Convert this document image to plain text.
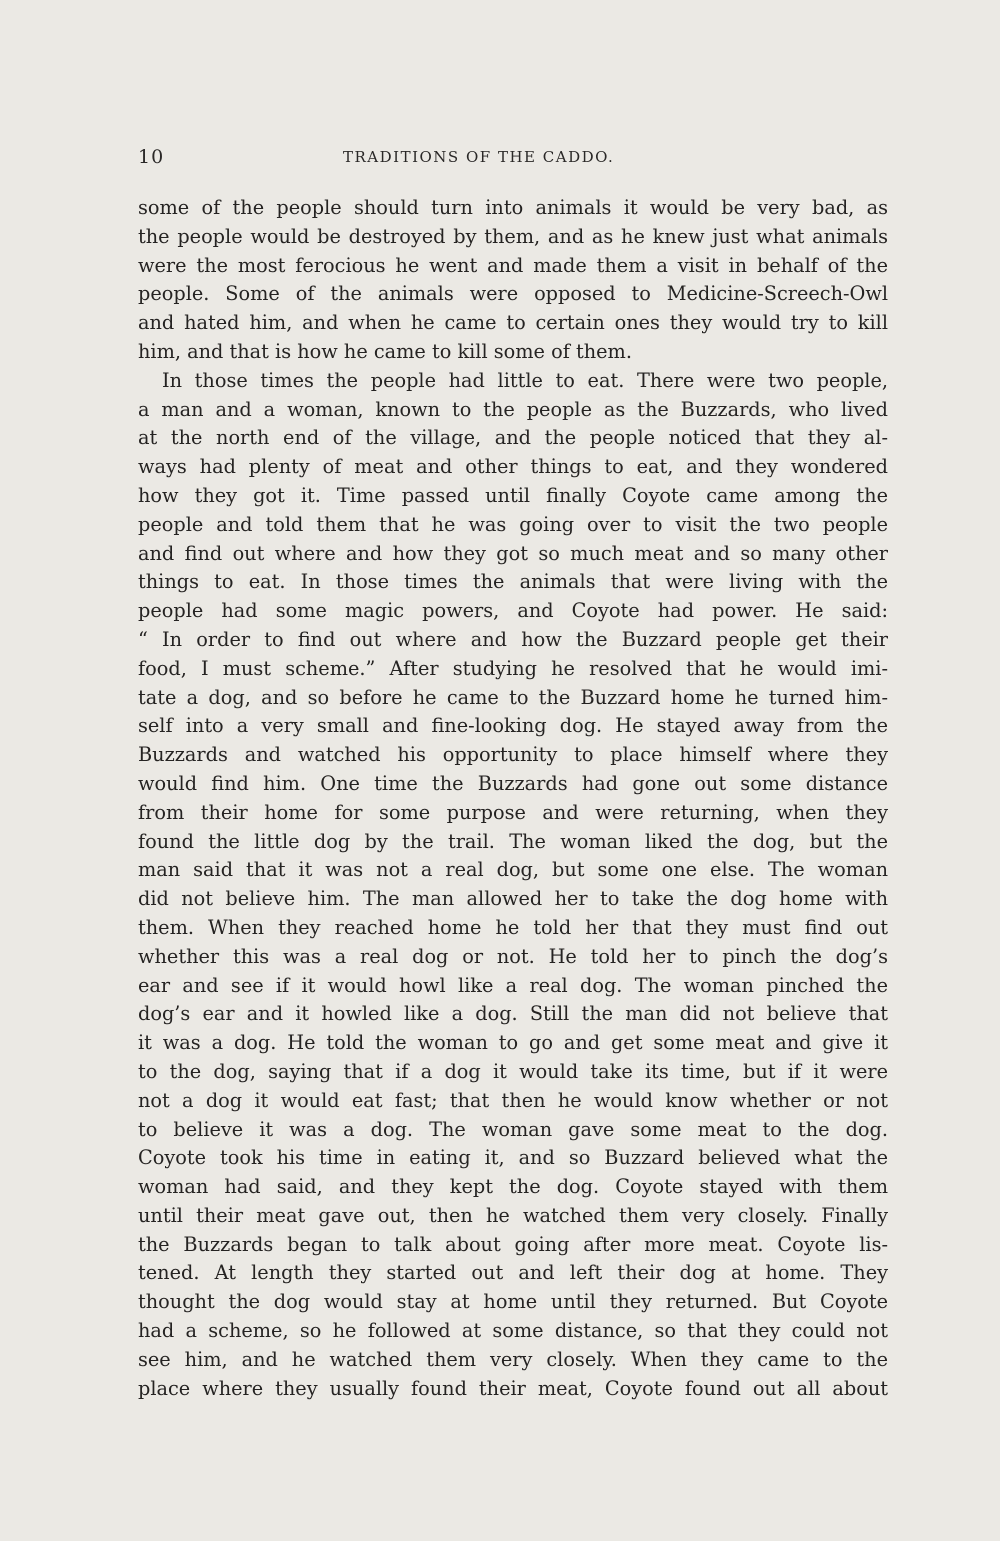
10	TRADITIONS OF THE CADDO.
some of the people should turn into animals it would be very bad, as
the people would be destroyed by them, and as he knew just what animals
were the most ferocious he went and made them a visit in behalf of the
people. Some of the animals were opposed to Medicine-Screech-Owl
and hated him, and when he came to certain ones they would try to kill
him, and that is how he came to kill some of them.
In those times the people had little to eat. There were two people,
a man and a woman, known to the people as the Buzzards, who lived
at the north end of the village, and the people noticed that they al-
ways had plenty of meat and other things to eat, and they wondered
how they got it. Time passed until finally Coyote came among the
people and told them that he was going over to visit the two people
and find out where and how they got so much meat and so many other
things to eat. In those times the animals that were living with the
people had some magic powers, and Coyote had power. He said:
“ In order to find out where and how the Buzzard people get their
food, I must scheme.” After studying he resolved that he would imi-
tate a dog, and so before he came to the Buzzard home he turned him-
self into a very small and fine-looking dog. He stayed away from the
Buzzards and watched his opportunity to place himself where they
would find him. One time the Buzzards had gone out some distance
from their home for some purpose and were returning, when they
found the little dog by the trail. The woman liked the dog, but the
man said that it was not a real dog, but some one else. The woman
did not believe him. The man allowed her to take the dog home with
them. When they reached home he told her that they must find out
whether this was a real dog or not. He told her to pinch the dog’s
ear and see if it would howl like a real dog. The woman pinched the
dog’s ear and it howled like a dog. Still the man did not believe that
it was a dog. He told the woman to go and get some meat and give it
to the dog, saying that if a dog it would take its time, but if it were
not a dog it would eat fast; that then he would know whether or not
to believe it was a dog. The woman gave some meat to the dog.
Coyote took his time in eating it, and so Buzzard believed what the
woman had said, and they kept the dog. Coyote stayed with them
until their meat gave out, then he watched them very closely. Finally
the Buzzards began to talk about going after more meat. Coyote lis-
tened. At length they started out and left their dog at home. They
thought the dog would stay at home until they returned. But Coyote
had a scheme, so he followed at some distance, so that they could not
see him, and he watched them very closely. When they came to the
place where they usually found their meat, Coyote found out all about
